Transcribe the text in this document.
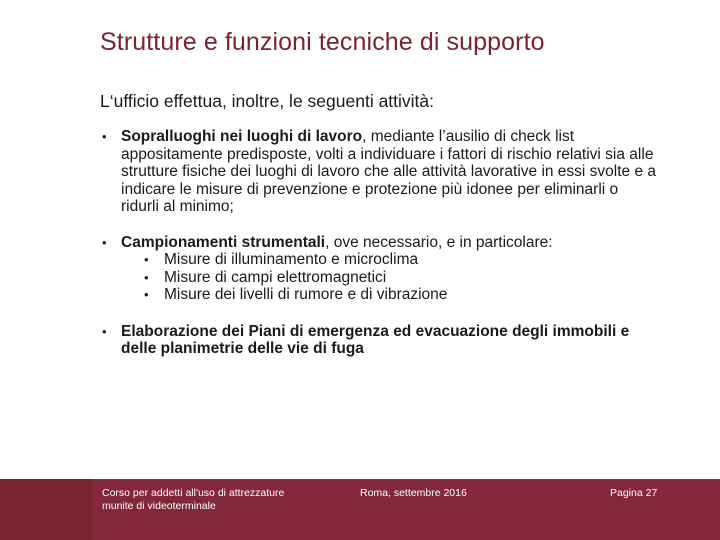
Strutture e funzioni tecniche di supporto
L‘ufficio effettua, inoltre, le seguenti attività:
• Sopralluoghi nei luoghi di lavoro, mediante l’ausilio di check list appositamente predisposte, volti a individuare i fattori di rischio relativi sia alle strutture fisiche dei luoghi di lavoro che alle attività lavorative in essi svolte e a indicare le misure di prevenzione e protezione più idonee per eliminarli o ridurli al minimo;
• Campionamenti strumentali, ove necessario, e in particolare:
• Misure di illuminamento e microclima
• Misure di campi elettromagnetici
• Misure dei livelli di rumore e di vibrazione
• Elaborazione dei Piani di emergenza ed evacuazione degli immobili e delle planimetrie delle vie di fuga
Corso per addetti all'uso di attrezzature munite di videoterminale
Roma, settembre 2016	Pagina 27
